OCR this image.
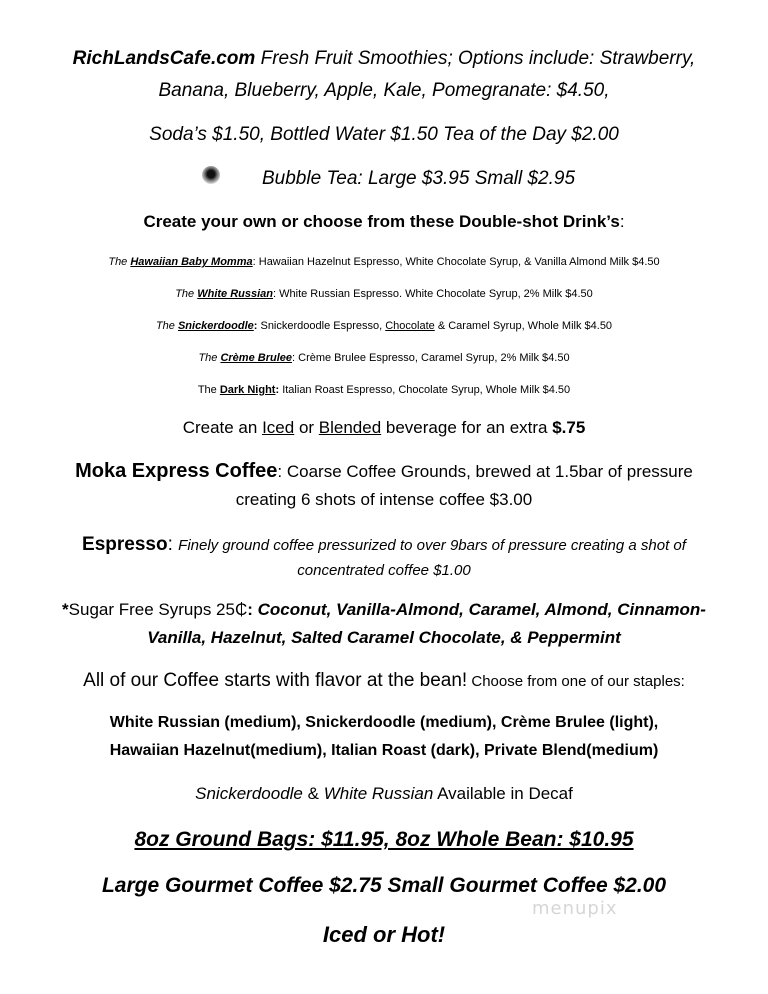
RichLandsCafe.com Fresh Fruit Smoothies; Options include: Strawberry,
Banana, Blueberry, Apple, Kale, Pomegranate: $4.50,
Soda’s $1.50, Bottled Water $1.50 Tea of the Day $2.00
Bubble Tea: Large $3.95 Small $2.95
Create your own or choose from these Double-shot Drink’s:
The Hawaiian Baby Momma: Hawaiian Hazelnut Espresso, White Chocolate Syrup, & Vanilla Almond Milk $4.50
The White Russian: White Russian Espresso. White Chocolate Syrup, 2% Milk $4.50
The Snickerdoodle: Snickerdoodle Espresso, Chocolate & Caramel Syrup, Whole Milk $4.50
The Crème Brulee: Crème Brulee Espresso, Caramel Syrup, 2% Milk $4.50
The Dark Night: Italian Roast Espresso, Chocolate Syrup, Whole Milk $4.50
Create an Iced or Blended beverage for an extra $.75
Moka Express Coffee: Coarse Coffee Grounds, brewed at 1.5bar of pressure
creating 6 shots of intense coffee $3.00
Espresso: Finely ground coffee pressurized to over 9bars of pressure creating a shot of
concentrated coffee $1.00
*Sugar Free Syrups 25₵: Coconut, Vanilla-Almond, Caramel, Almond, Cinnamon-
Vanilla, Hazelnut, Salted Caramel Chocolate, & Peppermint
All of our Coffee starts with flavor at the bean! Choose from one of our staples:
White Russian (medium), Snickerdoodle (medium), Crème Brulee (light),
Hawaiian Hazelnut(medium), Italian Roast (dark), Private Blend(medium)
Snickerdoodle & White Russian Available in Decaf
8oz Ground Bags: $11.95, 8oz Whole Bean: $10.95
Large Gourmet Coffee $2.75 Small Gourmet Coffee $2.00
Iced or Hot!
menupix
